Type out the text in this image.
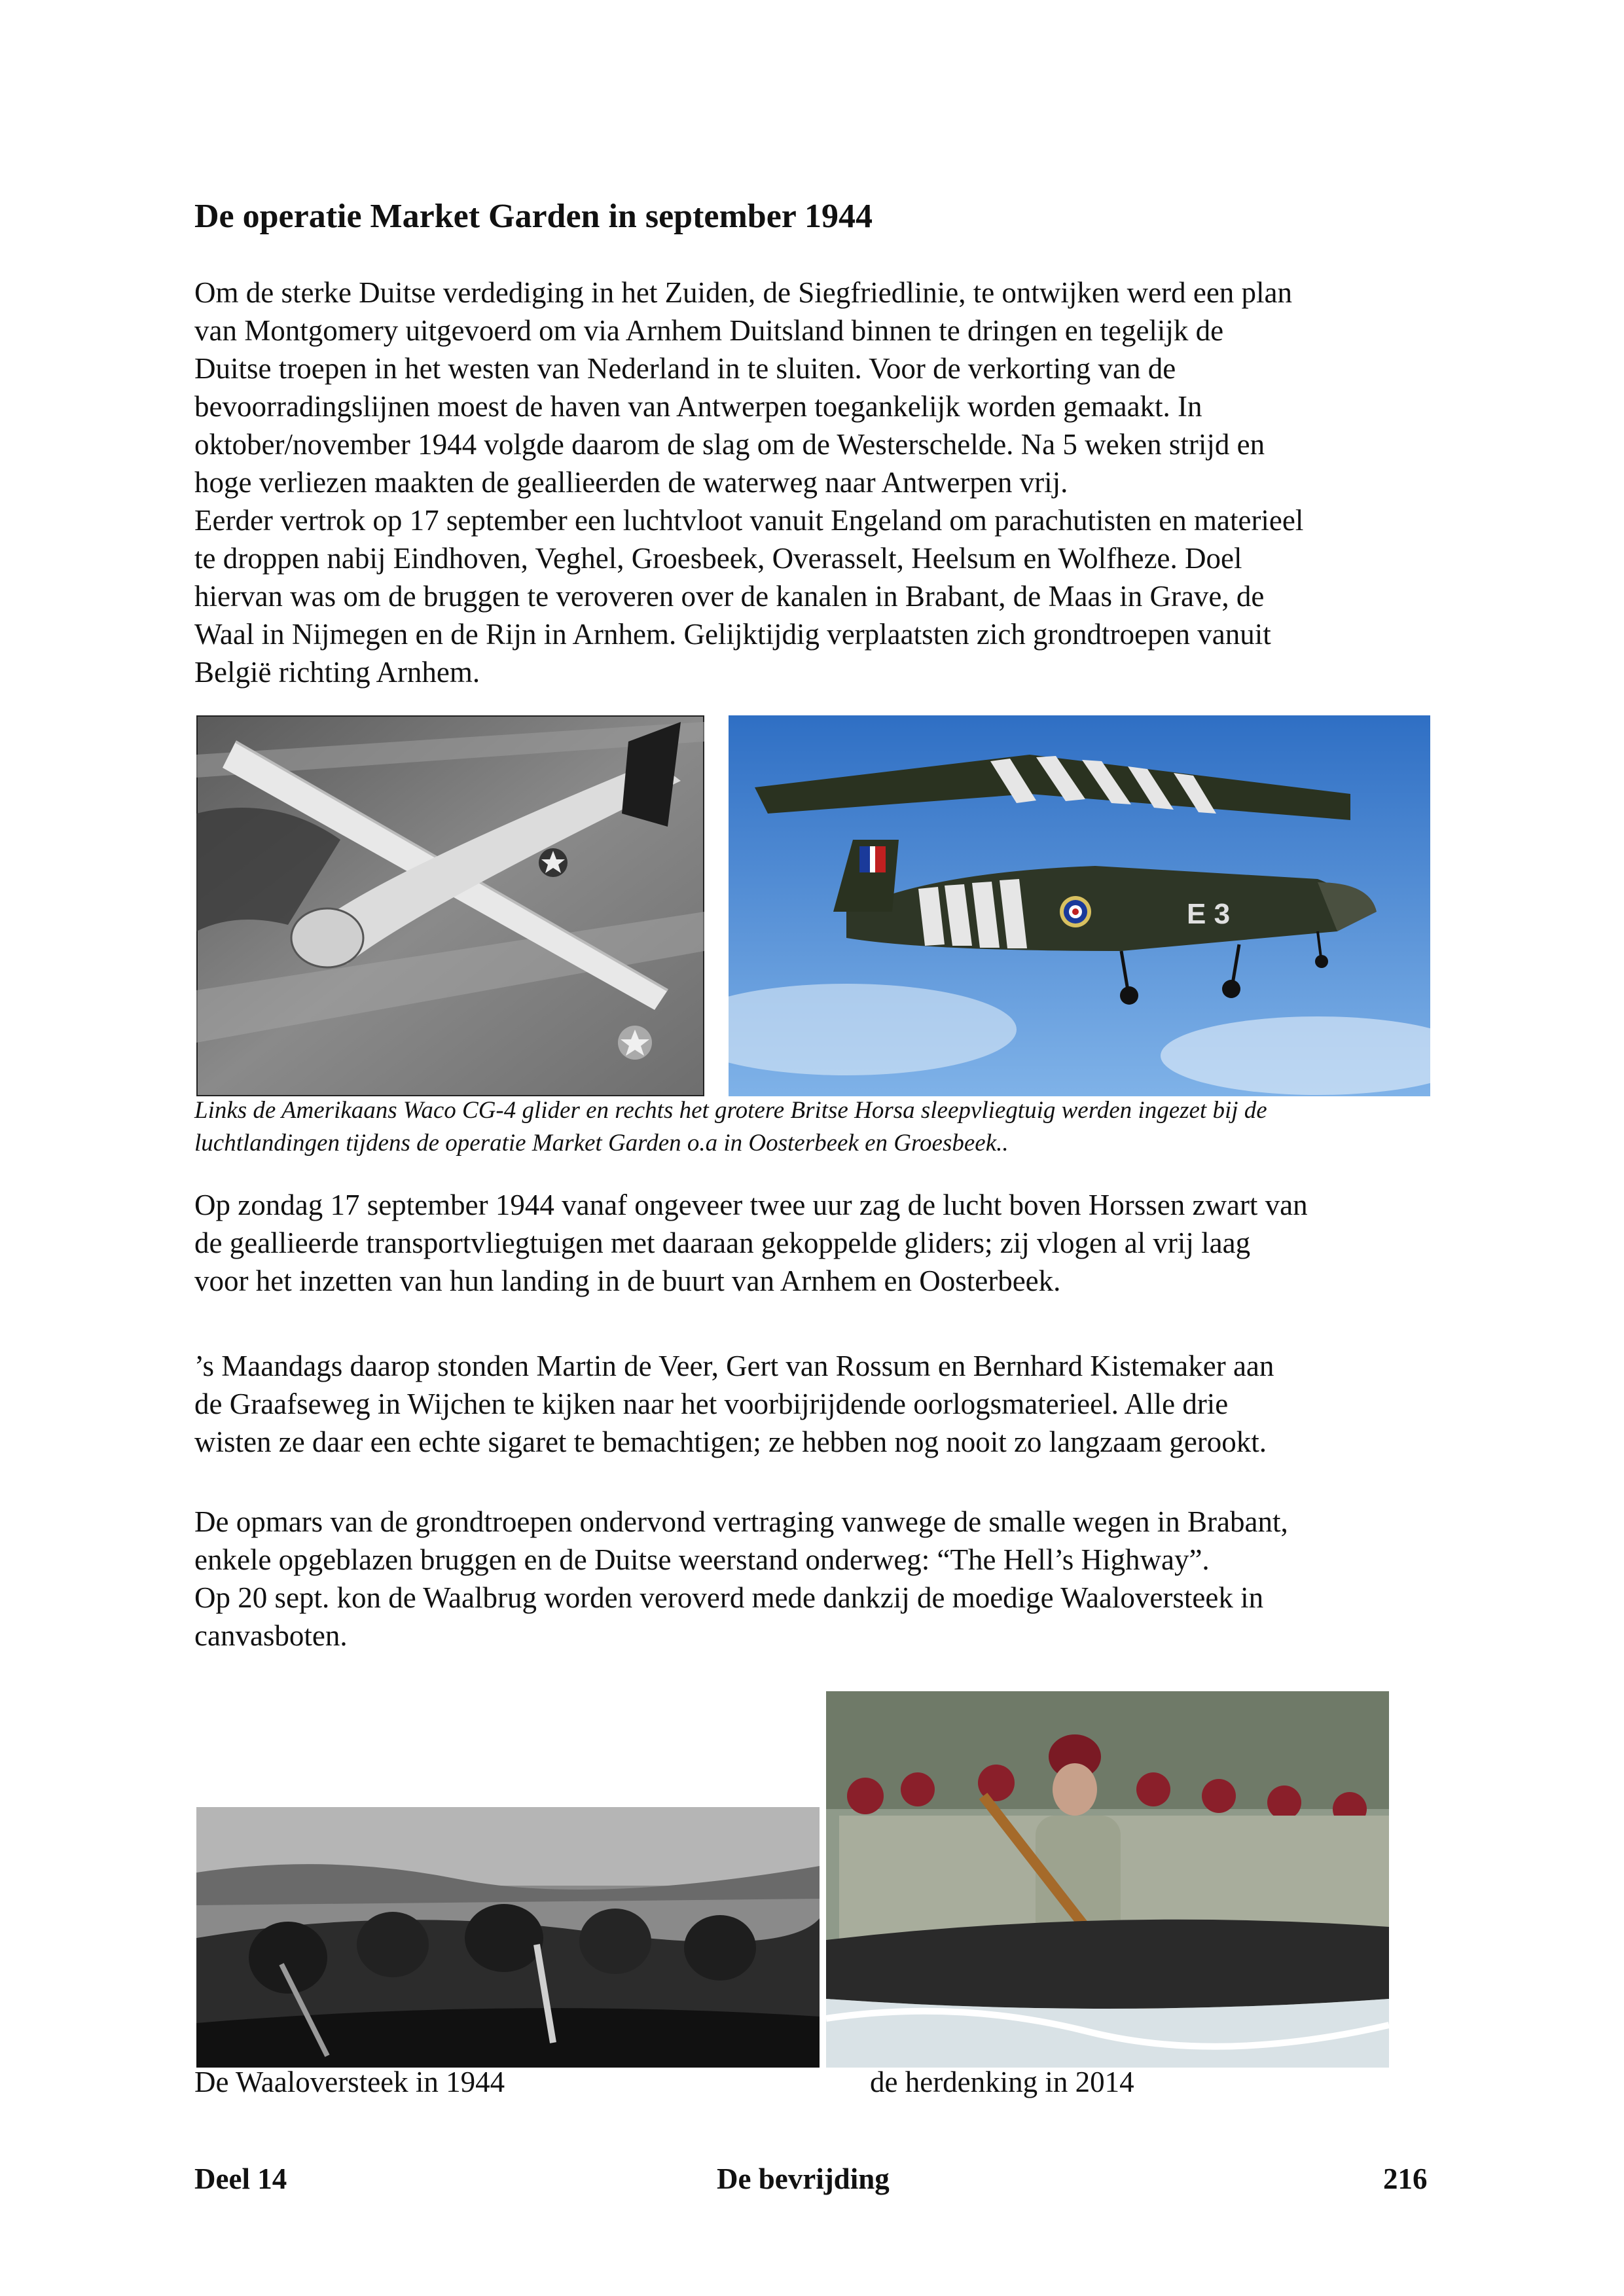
De operatie Market Garden in september 1944

Om de sterke Duitse verdediging in het Zuiden, de Siegfriedlinie, te ontwijken werd een plan
van Montgomery uitgevoerd om via Arnhem Duitsland binnen te dringen en tegelijk de
Duitse troepen in het westen van Nederland in te sluiten. Voor de verkorting van de
bevoorradingslijnen moest de haven van Antwerpen toegankelijk worden gemaakt. In
oktober/november 1944 volgde daarom de slag om de Westerschelde. Na 5 weken strijd en
hoge verliezen maakten de geallieerden de waterweg naar Antwerpen vrij.
Eerder vertrok op 17 september een luchtvloot vanuit Engeland om parachutisten en materieel
te droppen nabij Eindhoven, Veghel, Groesbeek, Overasselt, Heelsum en Wolfheze. Doel
hiervan was om de bruggen te veroveren over de kanalen in Brabant, de Maas in Grave, de
Waal in Nijmegen en de Rijn in Arnhem. Gelijktijdig verplaatsten zich grondtroepen vanuit
België richting Arnhem.

E 3

Links de Amerikaans Waco CG-4 glider en rechts het grotere Britse Horsa sleepvliegtuig werden ingezet bij de
luchtlandingen tijdens de operatie Market Garden o.a in Oosterbeek en Groesbeek..

Op zondag 17 september 1944 vanaf ongeveer twee uur zag de lucht boven Horssen zwart van
de geallieerde transportvliegtuigen met daaraan gekoppelde gliders; zij vlogen al vrij laag
voor het inzetten van hun landing in de buurt van Arnhem en Oosterbeek.

’s Maandags daarop stonden Martin de Veer, Gert van Rossum en Bernhard Kistemaker aan
de Graafseweg in Wijchen te kijken naar het voorbijrijdende oorlogsmaterieel. Alle drie
wisten ze daar een echte sigaret te bemachtigen; ze hebben nog nooit zo langzaam gerookt.

De opmars van de grondtroepen ondervond vertraging vanwege de smalle wegen in Brabant,
enkele opgeblazen bruggen en de Duitse weerstand onderweg: “The Hell’s Highway”.
Op 20 sept. kon de Waalbrug worden veroverd mede dankzij de moedige Waaloversteek in
canvasboten.

De Waaloversteek in 1944	de herdenking in 2014
Deel 14	De bevrijding	216
